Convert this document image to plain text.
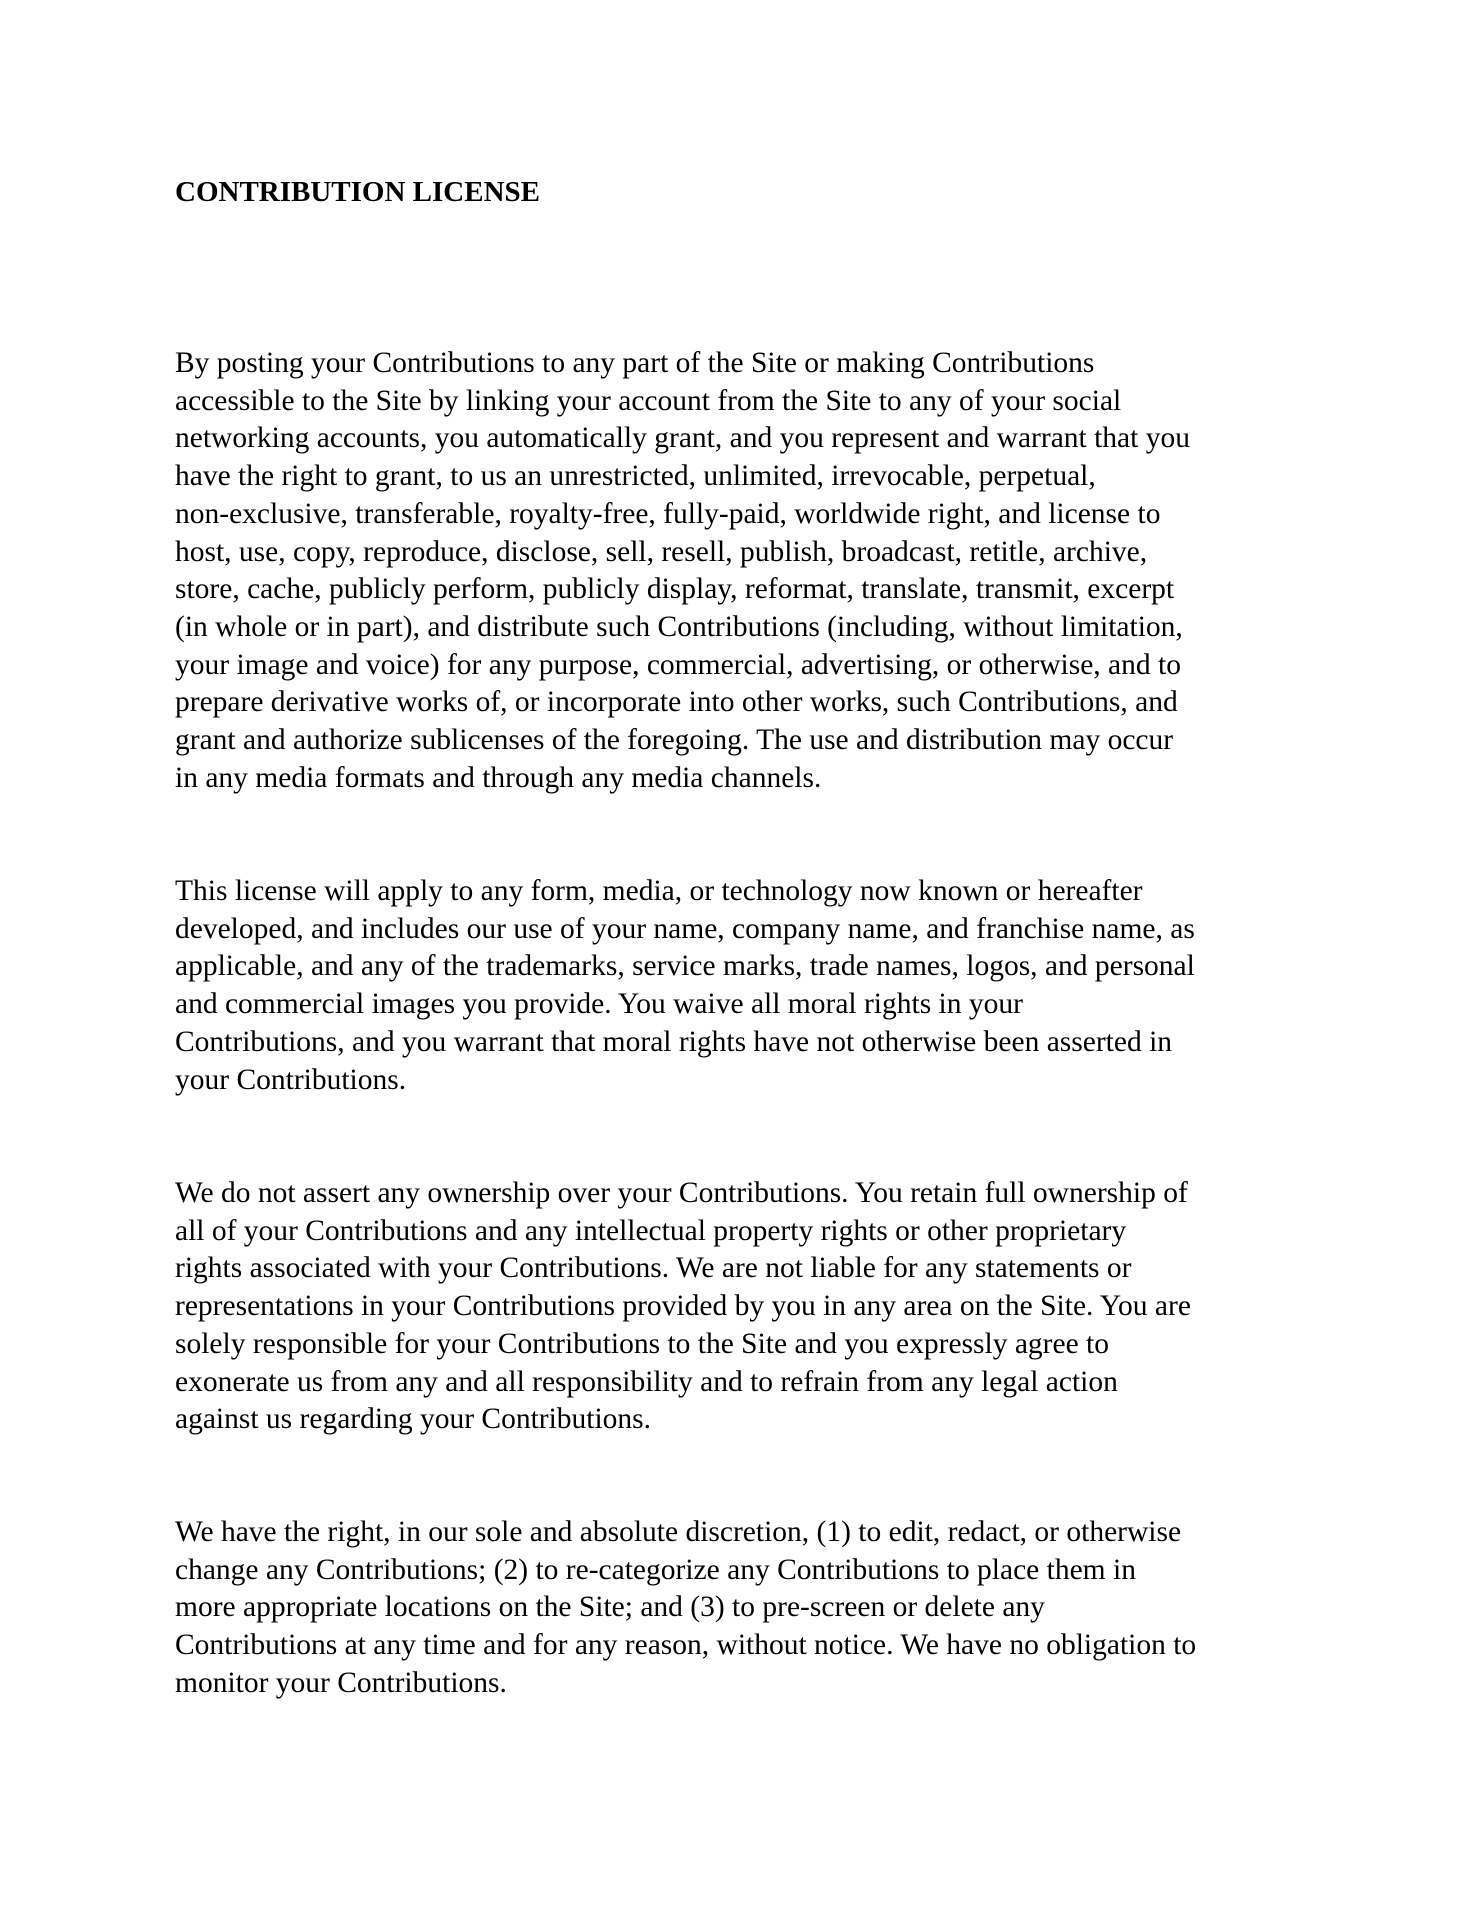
CONTRIBUTION LICENSE

By posting your Contributions to any part of the Site or making Contributions
accessible to the Site by linking your account from the Site to any of your social
networking accounts, you automatically grant, and you represent and warrant that you
have the right to grant, to us an unrestricted, unlimited, irrevocable, perpetual,
non-exclusive, transferable, royalty-free, fully-paid, worldwide right, and license to
host, use, copy, reproduce, disclose, sell, resell, publish, broadcast, retitle, archive,
store, cache, publicly perform, publicly display, reformat, translate, transmit, excerpt
(in whole or in part), and distribute such Contributions (including, without limitation,
your image and voice) for any purpose, commercial, advertising, or otherwise, and to
prepare derivative works of, or incorporate into other works, such Contributions, and
grant and authorize sublicenses of the foregoing. The use and distribution may occur
in any media formats and through any media channels.

This license will apply to any form, media, or technology now known or hereafter
developed, and includes our use of your name, company name, and franchise name, as
applicable, and any of the trademarks, service marks, trade names, logos, and personal
and commercial images you provide. You waive all moral rights in your
Contributions, and you warrant that moral rights have not otherwise been asserted in
your Contributions.

We do not assert any ownership over your Contributions. You retain full ownership of
all of your Contributions and any intellectual property rights or other proprietary
rights associated with your Contributions. We are not liable for any statements or
representations in your Contributions provided by you in any area on the Site. You are
solely responsible for your Contributions to the Site and you expressly agree to
exonerate us from any and all responsibility and to refrain from any legal action
against us regarding your Contributions.

We have the right, in our sole and absolute discretion, (1) to edit, redact, or otherwise
change any Contributions; (2) to re-categorize any Contributions to place them in
more appropriate locations on the Site; and (3) to pre-screen or delete any
Contributions at any time and for any reason, without notice. We have no obligation to
monitor your Contributions.
